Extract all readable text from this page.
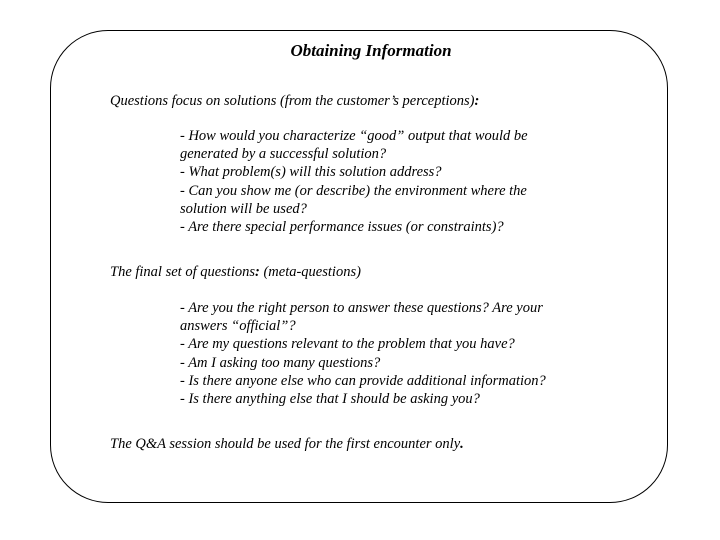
Obtaining Information
Questions focus on solutions (from the customer’s perceptions):
- How would you characterize “good” output that would be
generated by a successful solution?
- What problem(s) will this solution address?
- Can you show me (or describe) the environment where the
solution will be used?
- Are there special performance issues (or constraints)?
The final set of questions: (meta-questions)
- Are you the right person to answer these questions? Are your
answers “official”?
- Are my questions relevant to the problem that you have?
- Am I asking too many questions?
- Is there anyone else who can provide additional information?
- Is there anything else that I should be asking you?
The Q&A session should be used for the first encounter only.
